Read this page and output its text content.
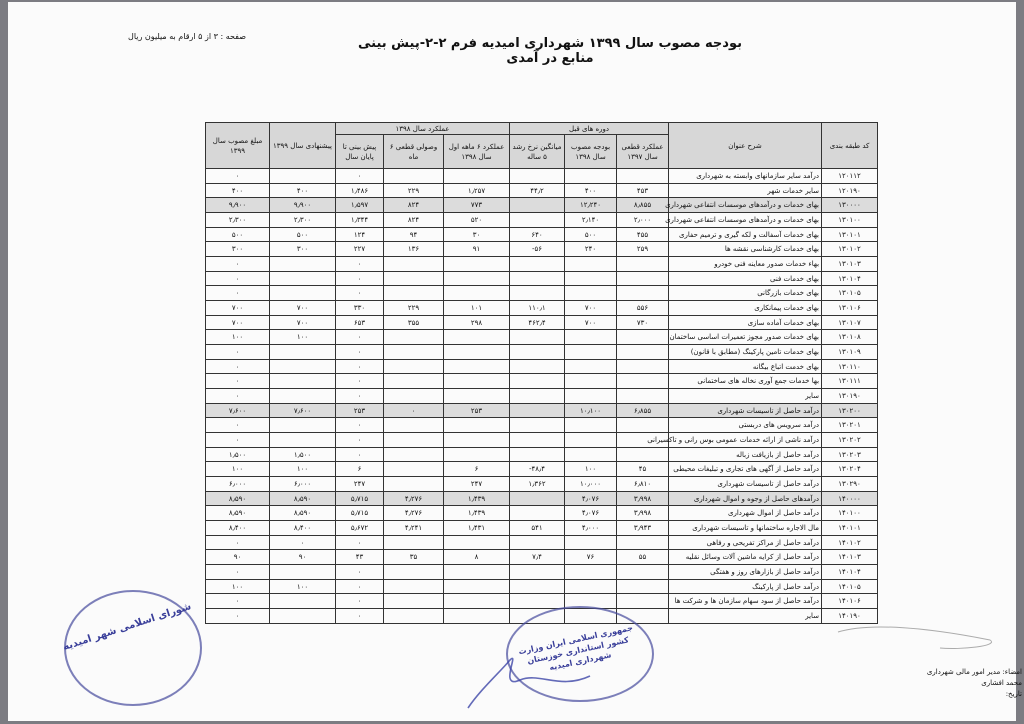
صفحه : ۳ از ۵ ارقام به میلیون ریال	بودجه مصوب سال ۱۳۹۹ شهرداری امیدیه فرم ۲-۲-پیش بینی منابع در آمدی
کد طبقه بندی	شرح عنوان	دوره های قبل			عملکرد سال ۱۳۹۸			پیشنهادی سال ۱۳۹۹	مبلغ مصوب سال ۱۳۹۹
		عملکرد قطعی سال ۱۳۹۷	بودجه مصوب سال ۱۳۹۸	میانگین نرخ رشد ۵ ساله	عملکرد ۶ ماهه اول سال ۱۳۹۸	وصولی قطعی ۶ ماه	پیش بینی تا پایان سال		
۱۲۰۱۱۲	درآمد سایر سازمانهای وابسته به شهرداری						۰		۰
۱۲۰۱۹۰	سایر خدمات شهر	۴۵۳	۴۰۰	۴۴٫۲	۱٫۲۵۷	۲۲۹	۱٫۴۸۶	۴۰۰	۴۰۰
۱۳۰۰۰۰	بهای خدمات و درآمدهای موسسات انتفاعی شهرداری	۸٫۸۵۵	۱۲٫۲۴۰		۷۷۳	۸۲۴	۱٫۵۹۷	۹٫۹۰۰	۹٫۹۰۰
۱۳۰۱۰۰	بهای خدمات و درآمدهای موسسات انتفاعی شهرداری	۲٫۰۰۰	۲٫۱۴۰		۵۲۰	۸۲۴	۱٫۳۴۴	۲٫۳۰۰	۲٫۳۰۰
۱۳۰۱۰۱	بهای خدمات آسفالت و لکه گیری و ترمیم حفاری	۴۵۵	۵۰۰	۶۴۰	۳۰	۹۴	۱۲۴	۵۰۰	۵۰۰
۱۳۰۱۰۲	بهای خدمات کارشناسی نقشه ها	۲۵۹	۲۴۰	۵۶-	۹۱	۱۳۶	۲۲۷	۳۰۰	۳۰۰
۱۳۰۱۰۳	بهاء خدمات صدور معاینه فنی خودرو						۰		۰
۱۳۰۱۰۴	بهای خدمات فنی						۰		۰
۱۳۰۱۰۵	بهای خدمات بازرگانی						۰		۰
۱۳۰۱۰۶	بهای خدمات پیمانکاری	۵۵۶	۷۰۰	۱۱۰٫۱	۱۰۱	۲۲۹	۳۳۰	۷۰۰	۷۰۰
۱۳۰۱۰۷	بهای خدمات آماده سازی	۷۳۰	۷۰۰	۴۶۲٫۴	۲۹۸	۳۵۵	۶۵۳	۷۰۰	۷۰۰
۱۳۰۱۰۸	بهای خدمات صدور مجوز تعمیرات اساسی ساختمان						۰	۱۰۰	۱۰۰
۱۳۰۱۰۹	بهای خدمات تامین پارکینگ (مطابق با قانون)						۰		۰
۱۳۰۱۱۰	بهای خدمت اتباع بیگانه						۰		۰
۱۳۰۱۱۱	بها خدمات جمع آوری نخاله های ساختمانی						۰		۰
۱۳۰۱۹۰	سایر						۰		۰
۱۳۰۲۰۰	درآمد حاصل از تاسیسات شهرداری	۶٫۸۵۵	۱۰٫۱۰۰		۲۵۳	۰	۲۵۳	۷٫۶۰۰	۷٫۶۰۰
۱۳۰۲۰۱	درآمد سرویس های دربستی						۰		۰
۱۳۰۲۰۲	درآمد ناشی از ارائه خدمات عمومی بوس رانی و تاکسیرانی						۰		۰
۱۳۰۲۰۳	درآمد حاصل از بازیافت زباله						۰	۱٫۵۰۰	۱٫۵۰۰
۱۳۰۲۰۴	درآمد حاصل از آگهی های تجاری و تبلیغات محیطی	۴۵	۱۰۰	۴۸٫۴-	۶		۶	۱۰۰	۱۰۰
۱۳۰۲۹۰	درآمد حاصل از تاسیسات شهرداری	۶٫۸۱۰	۱۰٫۰۰۰	۱٫۳۶۲	۲۴۷		۲۴۷	۶٫۰۰۰	۶٫۰۰۰
۱۴۰۰۰۰	درآمدهای حاصل از وجوه و اموال شهرداری	۳٫۹۹۸	۴٫۰۷۶		۱٫۴۳۹	۴٫۲۷۶	۵٫۷۱۵	۸٫۵۹۰	۸٫۵۹۰
۱۴۰۱۰۰	درآمد حاصل از اموال شهرداری	۳٫۹۹۸	۴٫۰۷۶		۱٫۴۳۹	۴٫۲۷۶	۵٫۷۱۵	۸٫۵۹۰	۸٫۵۹۰
۱۴۰۱۰۱	مال الاجاره ساختمانها و تاسیسات شهرداری	۳٫۹۴۳	۴٫۰۰۰	۵۴۱	۱٫۴۳۱	۴٫۲۴۱	۵٫۶۷۲	۸٫۴۰۰	۸٫۴۰۰
۱۴۰۱۰۲	درآمد حاصل از مراکز تفریحی و رفاهی						۰	۰	۰
۱۴۰۱۰۳	درآمد حاصل از کرایه ماشین آلات وسائل نقلیه	۵۵	۷۶	۷٫۴	۸	۳۵	۴۳	۹۰	۹۰
۱۴۰۱۰۴	درآمد حاصل از بازارهای روز و هفتگی						۰		۰
۱۴۰۱۰۵	درآمد حاصل از پارکینگ						۰	۱۰۰	۱۰۰
۱۴۰۱۰۶	درآمد حاصل از سود سهام سازمان ها و شرکت ها						۰		۰
۱۴۰۱۹۰	سایر						۰		۰
شورای اسلامی شهر امیدیه	جمهوری اسلامی ایران وزارت کشور استانداری خوزستان شهرداری امیدیه	امضاء: مدیر امور مالی شهرداری
محمد افشاری
تاریخ:
